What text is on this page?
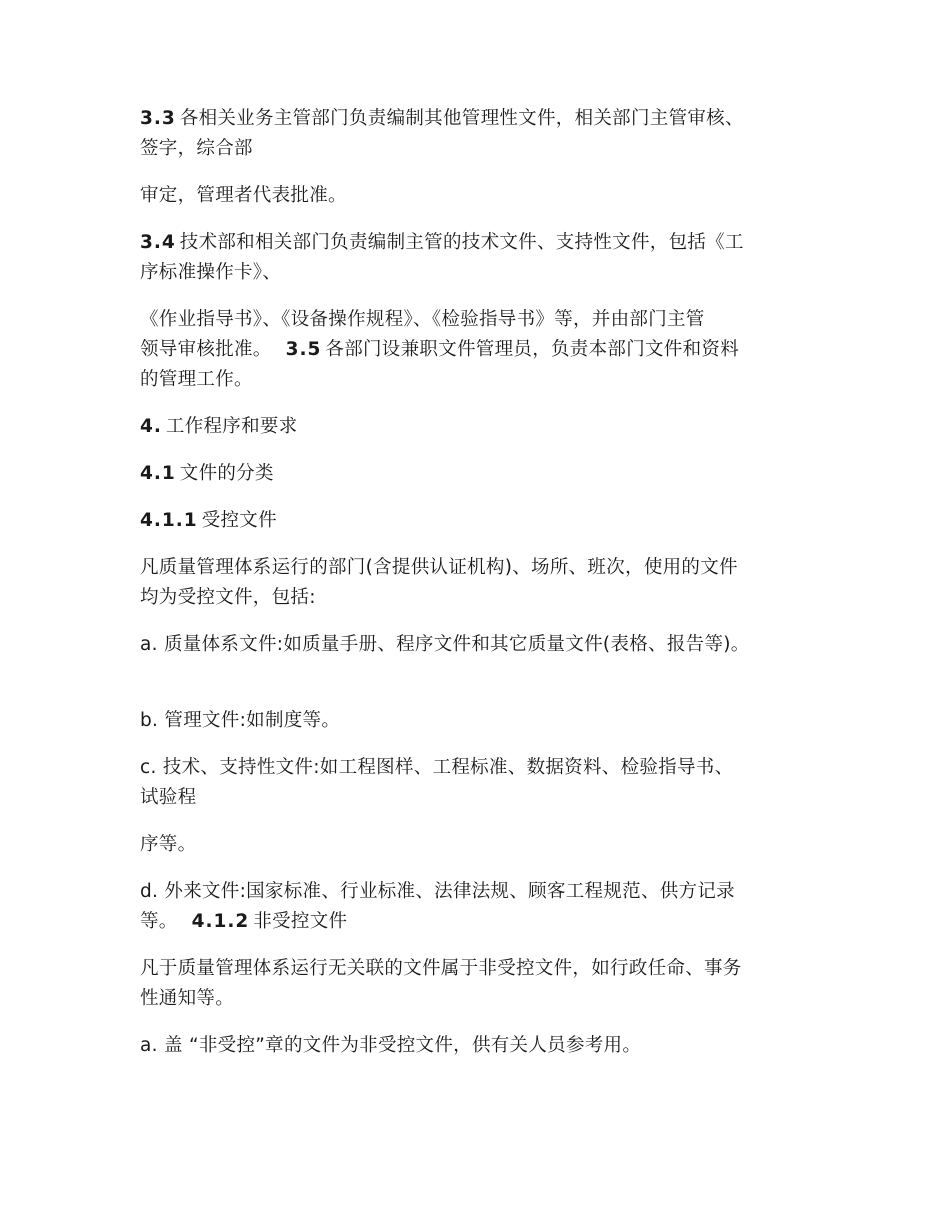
3.3 各相关业务主管部门负责编制其他管理性文件，相关部门主管审核、
签字，综合部

审定，管理者代表批准。

3.4 技术部和相关部门负责编制主管的技术文件、支持性文件，包括《工
序标准操作卡》、

《作业指导书》、《设备操作规程》、《检验指导书》等，并由部门主管
领导审核批准。 3.5 各部门设兼职文件管理员，负责本部门文件和资料
的管理工作。

4. 工作程序和要求

4.1 文件的分类

4.1.1 受控文件

凡质量管理体系运行的部门(含提供认证机构)、场所、班次，使用的文件
均为受控文件，包括:

a. 质量体系文件:如质量手册、程序文件和其它质量文件(表格、报告等)。

b. 管理文件:如制度等。

c. 技术、支持性文件:如工程图样、工程标准、数据资料、检验指导书、
试验程

序等。

d. 外来文件:国家标准、行业标准、法律法规、顾客工程规范、供方记录
等。 4.1.2 非受控文件

凡于质量管理体系运行无关联的文件属于非受控文件，如行政任命、事务
性通知等。

a. 盖 “非受控”章的文件为非受控文件，供有关人员参考用。
